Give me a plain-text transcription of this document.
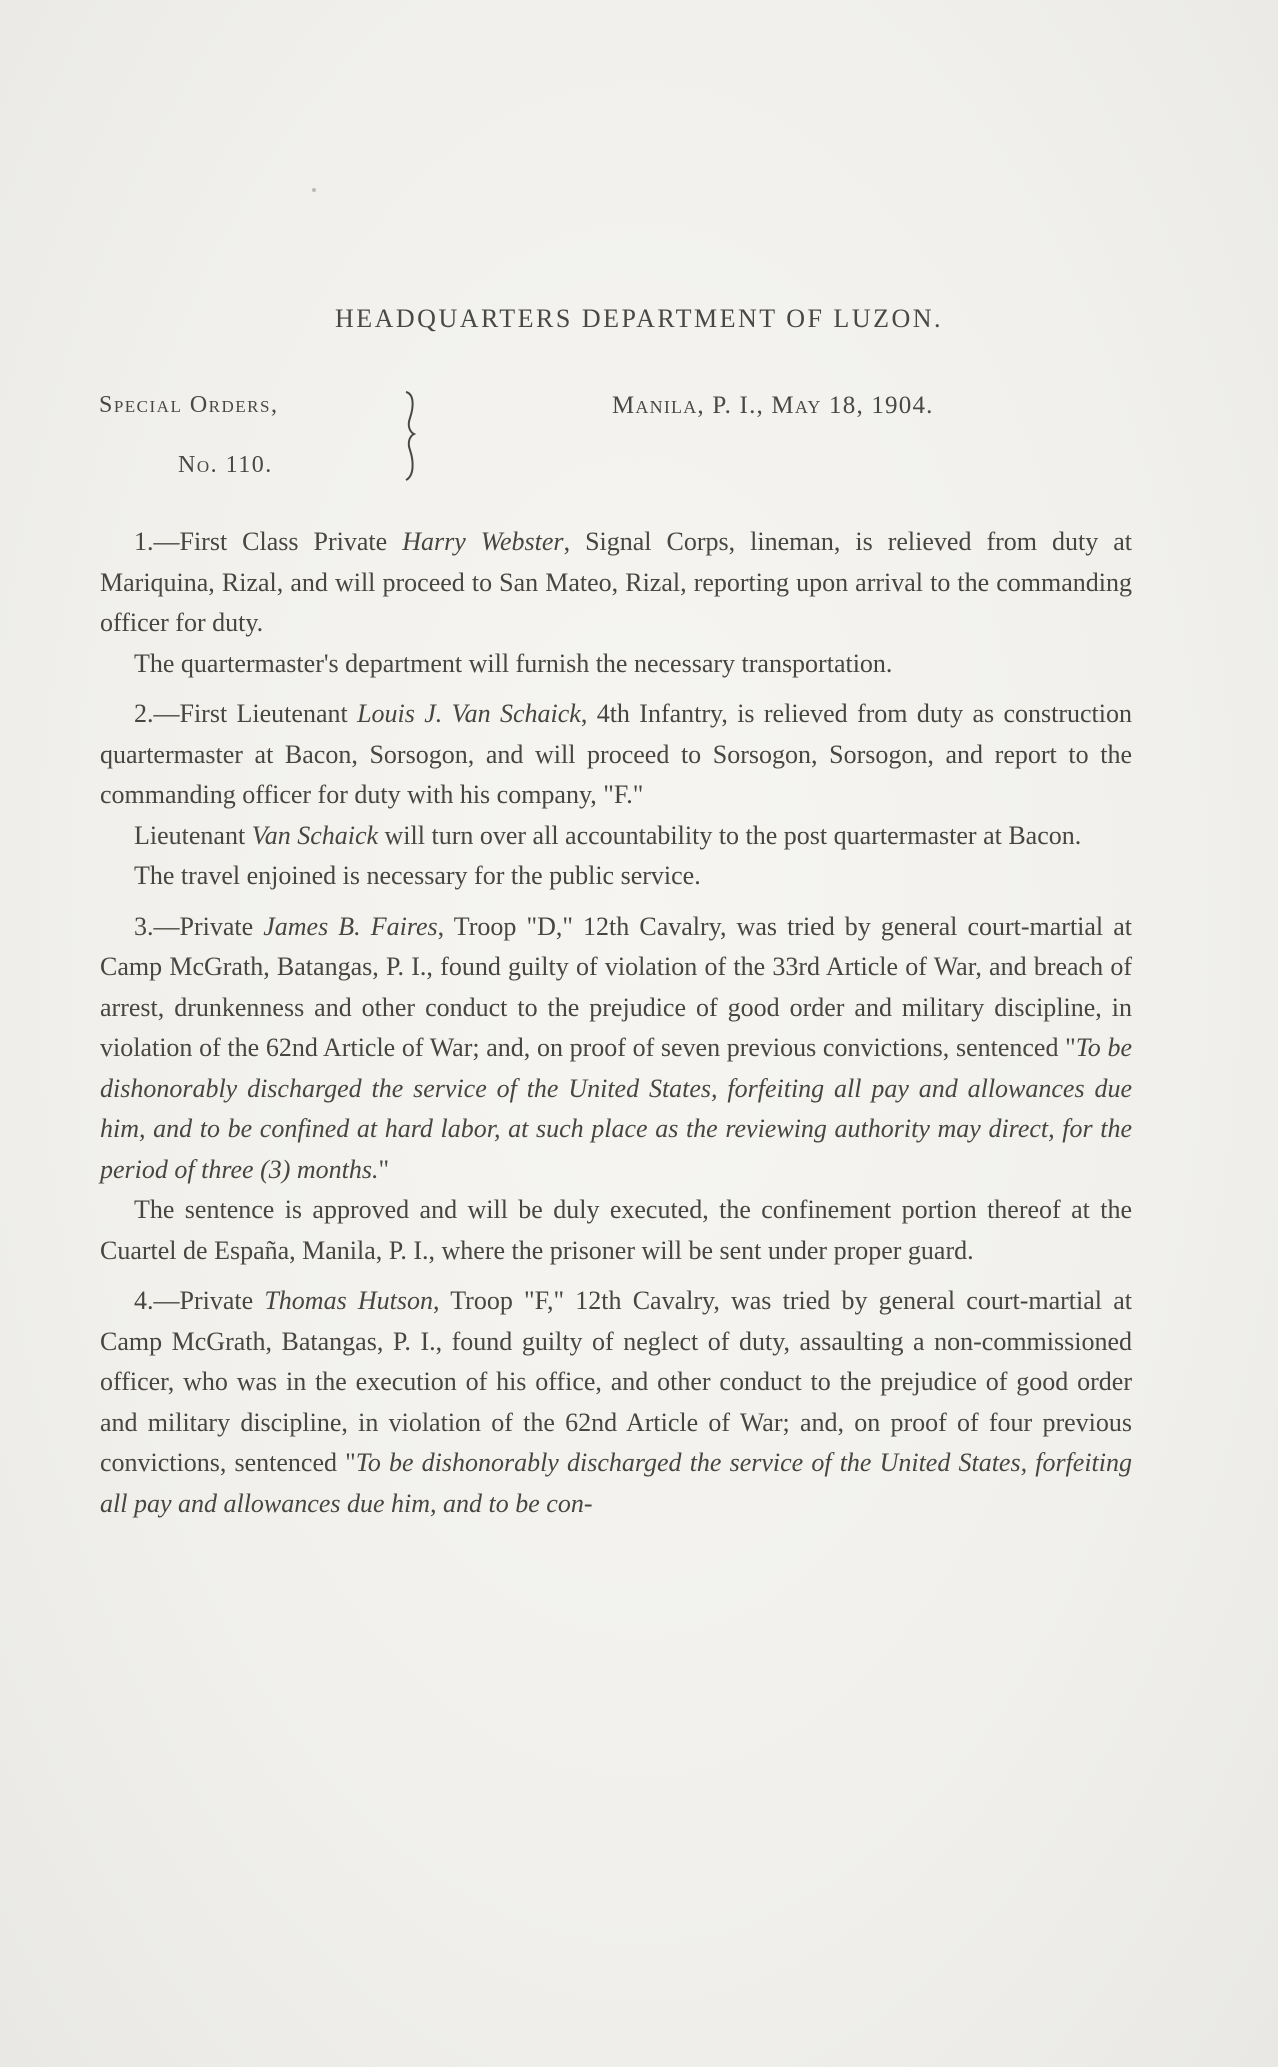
HEADQUARTERS DEPARTMENT OF LUZON.
Special Orders,
No. 110.
Manila, P. I., May 18, 1904.

1.—First Class Private Harry Webster, Signal Corps, lineman, is relieved from duty at Mariquina, Rizal, and will proceed to San Mateo, Rizal, reporting upon arrival to the commanding officer for duty.

The quartermaster's department will furnish the necessary transportation.

2.—First Lieutenant Louis J. Van Schaick, 4th Infantry, is relieved from duty as construction quartermaster at Bacon, Sorsogon, and will proceed to Sorsogon, Sorsogon, and report to the commanding officer for duty with his company, "F."

Lieutenant Van Schaick will turn over all accountability to the post quartermaster at Bacon.

The travel enjoined is necessary for the public service.

3.—Private James B. Faires, Troop "D," 12th Cavalry, was tried by general court-martial at Camp McGrath, Batangas, P. I., found guilty of violation of the 33rd Article of War, and breach of arrest, drunkenness and other conduct to the prejudice of good order and military discipline, in violation of the 62nd Article of War; and, on proof of seven previous convictions, sentenced "To be dishonorably discharged the service of the United States, forfeiting all pay and allowances due him, and to be confined at hard labor, at such place as the reviewing authority may direct, for the period of three (3) months."

The sentence is approved and will be duly executed, the confinement portion thereof at the Cuartel de España, Manila, P. I., where the prisoner will be sent under proper guard.

4.—Private Thomas Hutson, Troop "F," 12th Cavalry, was tried by general court-martial at Camp McGrath, Batangas, P. I., found guilty of neglect of duty, assaulting a non-commissioned officer, who was in the execution of his office, and other conduct to the prejudice of good order and military discipline, in violation of the 62nd Article of War; and, on proof of four previous convictions, sentenced "To be dishonorably discharged the service of the United States, forfeiting all pay and allowances due him, and to be con-
